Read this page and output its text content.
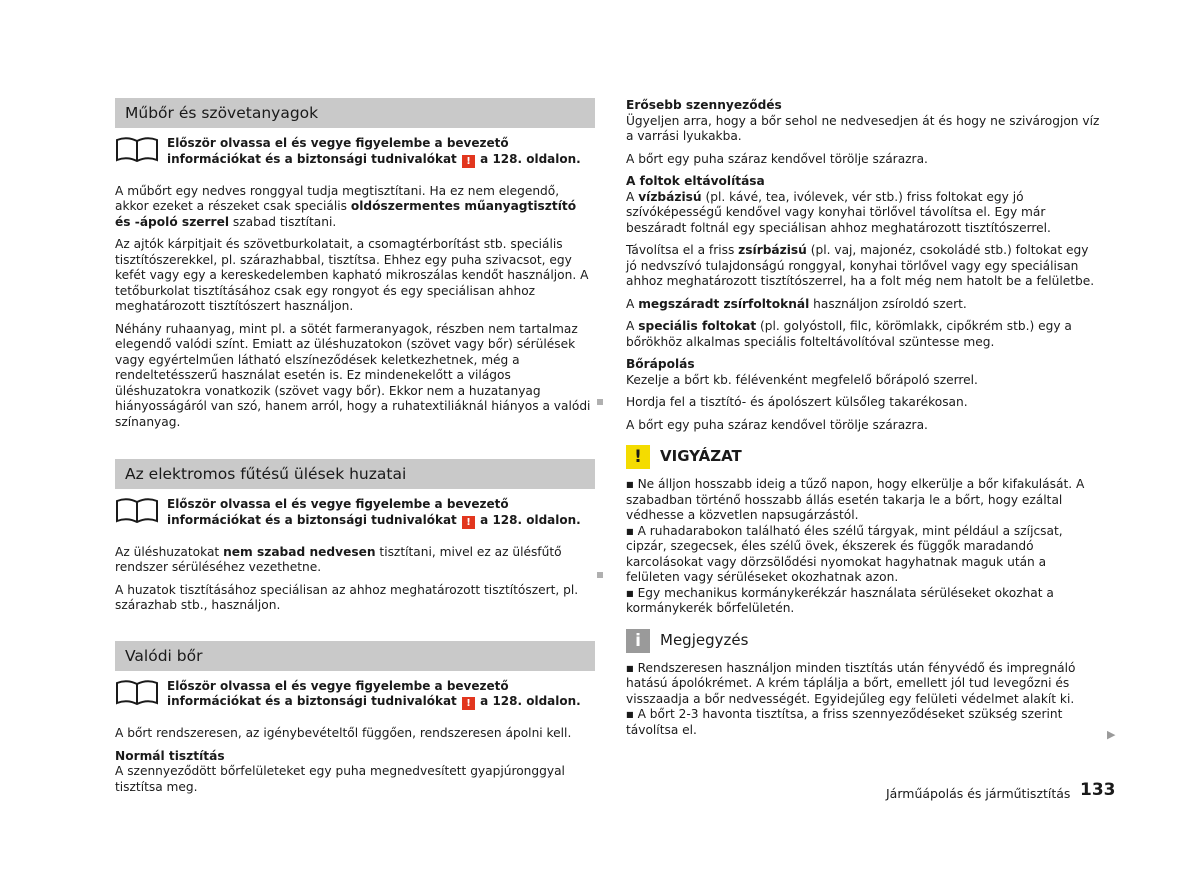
Műbőr és szövetanyagok
Először olvassa el és vegye figyelembe a bevezető információkat és a biztonsági tudnivalókat ! a 128. oldalon.

A műbőrt egy nedves ronggyal tudja megtisztítani. Ha ez nem elegendő, akkor ezeket a részeket csak speciális oldószermentes műanyagtisztító és -ápoló szerrel szabad tisztítani.

Az ajtók kárpitjait és szövetburkolatait, a csomagtérborítást stb. speciális tisztítószerekkel, pl. szárazhabbal, tisztítsa. Ehhez egy puha szivacsot, egy kefét vagy egy a kereskedelemben kapható mikroszálas kendőt használjon. A tetőburkolat tisztításához csak egy rongyot és egy speciálisan ahhoz meghatározott tisztítószert használjon.

Néhány ruhaanyag, mint pl. a sötét farmeranyagok, részben nem tartalmaz elegendő valódi színt. Emiatt az üléshuzatokon (szövet vagy bőr) sérülések vagy egyértelműen látható elszíneződések keletkezhetnek, még a rendeltetésszerű használat esetén is. Ez mindenekelőtt a világos üléshuzatokra vonatkozik (szövet vagy bőr). Ekkor nem a huzatanyag hiányosságáról van szó, hanem arról, hogy a ruhatextiliáknál hiányos a valódi színanyag.

Az elektromos fűtésű ülések huzatai
Először olvassa el és vegye figyelembe a bevezető információkat és a biztonsági tudnivalókat ! a 128. oldalon.

Az üléshuzatokat nem szabad nedvesen tisztítani, mivel ez az ülésfűtő rendszer sérüléséhez vezethetne.

A huzatok tisztításához speciálisan az ahhoz meghatározott tisztítószert, pl. szárazhab stb., használjon.

Valódi bőr
Először olvassa el és vegye figyelembe a bevezető információkat és a biztonsági tudnivalókat ! a 128. oldalon.

A bőrt rendszeresen, az igénybevételtől függően, rendszeresen ápolni kell.

Normál tisztítás

A szennyeződött bőrfelületeket egy puha megnedvesített gyapjúronggyal tisztítsa meg.

Erősebb szennyeződés

Ügyeljen arra, hogy a bőr sehol ne nedvesedjen át és hogy ne szivárogjon víz a varrási lyukakba.

A bőrt egy puha száraz kendővel törölje szárazra.

A foltok eltávolítása

A vízbázisú (pl. kávé, tea, ivólevek, vér stb.) friss foltokat egy jó szívóképességű kendővel vagy konyhai törlővel távolítsa el. Egy már beszáradt foltnál egy speciálisan ahhoz meghatározott tisztítószerrel.

Távolítsa el a friss zsírbázisú (pl. vaj, majonéz, csokoládé stb.) foltokat egy jó nedvszívó tulajdonságú ronggyal, konyhai törlővel vagy egy speciálisan ahhoz meghatározott tisztítószerrel, ha a folt még nem hatolt be a felületbe.

A megszáradt zsírfoltoknál használjon zsíroldó szert.

A speciális foltokat (pl. golyóstoll, filc, körömlakk, cipőkrém stb.) egy a bőrökhöz alkalmas speciális folteltávolítóval szüntesse meg.

Bőrápolás

Kezelje a bőrt kb. félévenként megfelelő bőrápoló szerrel.

Hordja fel a tisztító- és ápolószert külsőleg takarékosan.

A bőrt egy puha száraz kendővel törölje szárazra.

!	VIGYÁZAT

■ Ne álljon hosszabb ideig a tűző napon, hogy elkerülje a bőr kifakulását. A szabadban történő hosszabb állás esetén takarja le a bőrt, hogy ezáltal védhesse a közvetlen napsugárzástól.

■ A ruhadarabokon található éles szélű tárgyak, mint például a szíjcsat, cipzár, szegecsek, éles szélű övek, ékszerek és függők maradandó karcolásokat vagy dörzsölődési nyomokat hagyhatnak maguk után a felületen vagy sérüléseket okozhatnak azon.

■ Egy mechanikus kormánykerékzár használata sérüléseket okozhat a kormánykerék bőrfelületén.

i	Megjegyzés

■ Rendszeresen használjon minden tisztítás után fényvédő és impregnáló hatású ápolókrémet. A krém táplálja a bőrt, emellett jól tud levegőzni és visszaadja a bőr nedvességét. Egyidejűleg egy felületi védelmet alakít ki.

■ A bőrt 2-3 havonta tisztítsa, a friss szennyeződéseket szükség szerint távolítsa el.	▶
Járműápolás és járműtisztítás 133
